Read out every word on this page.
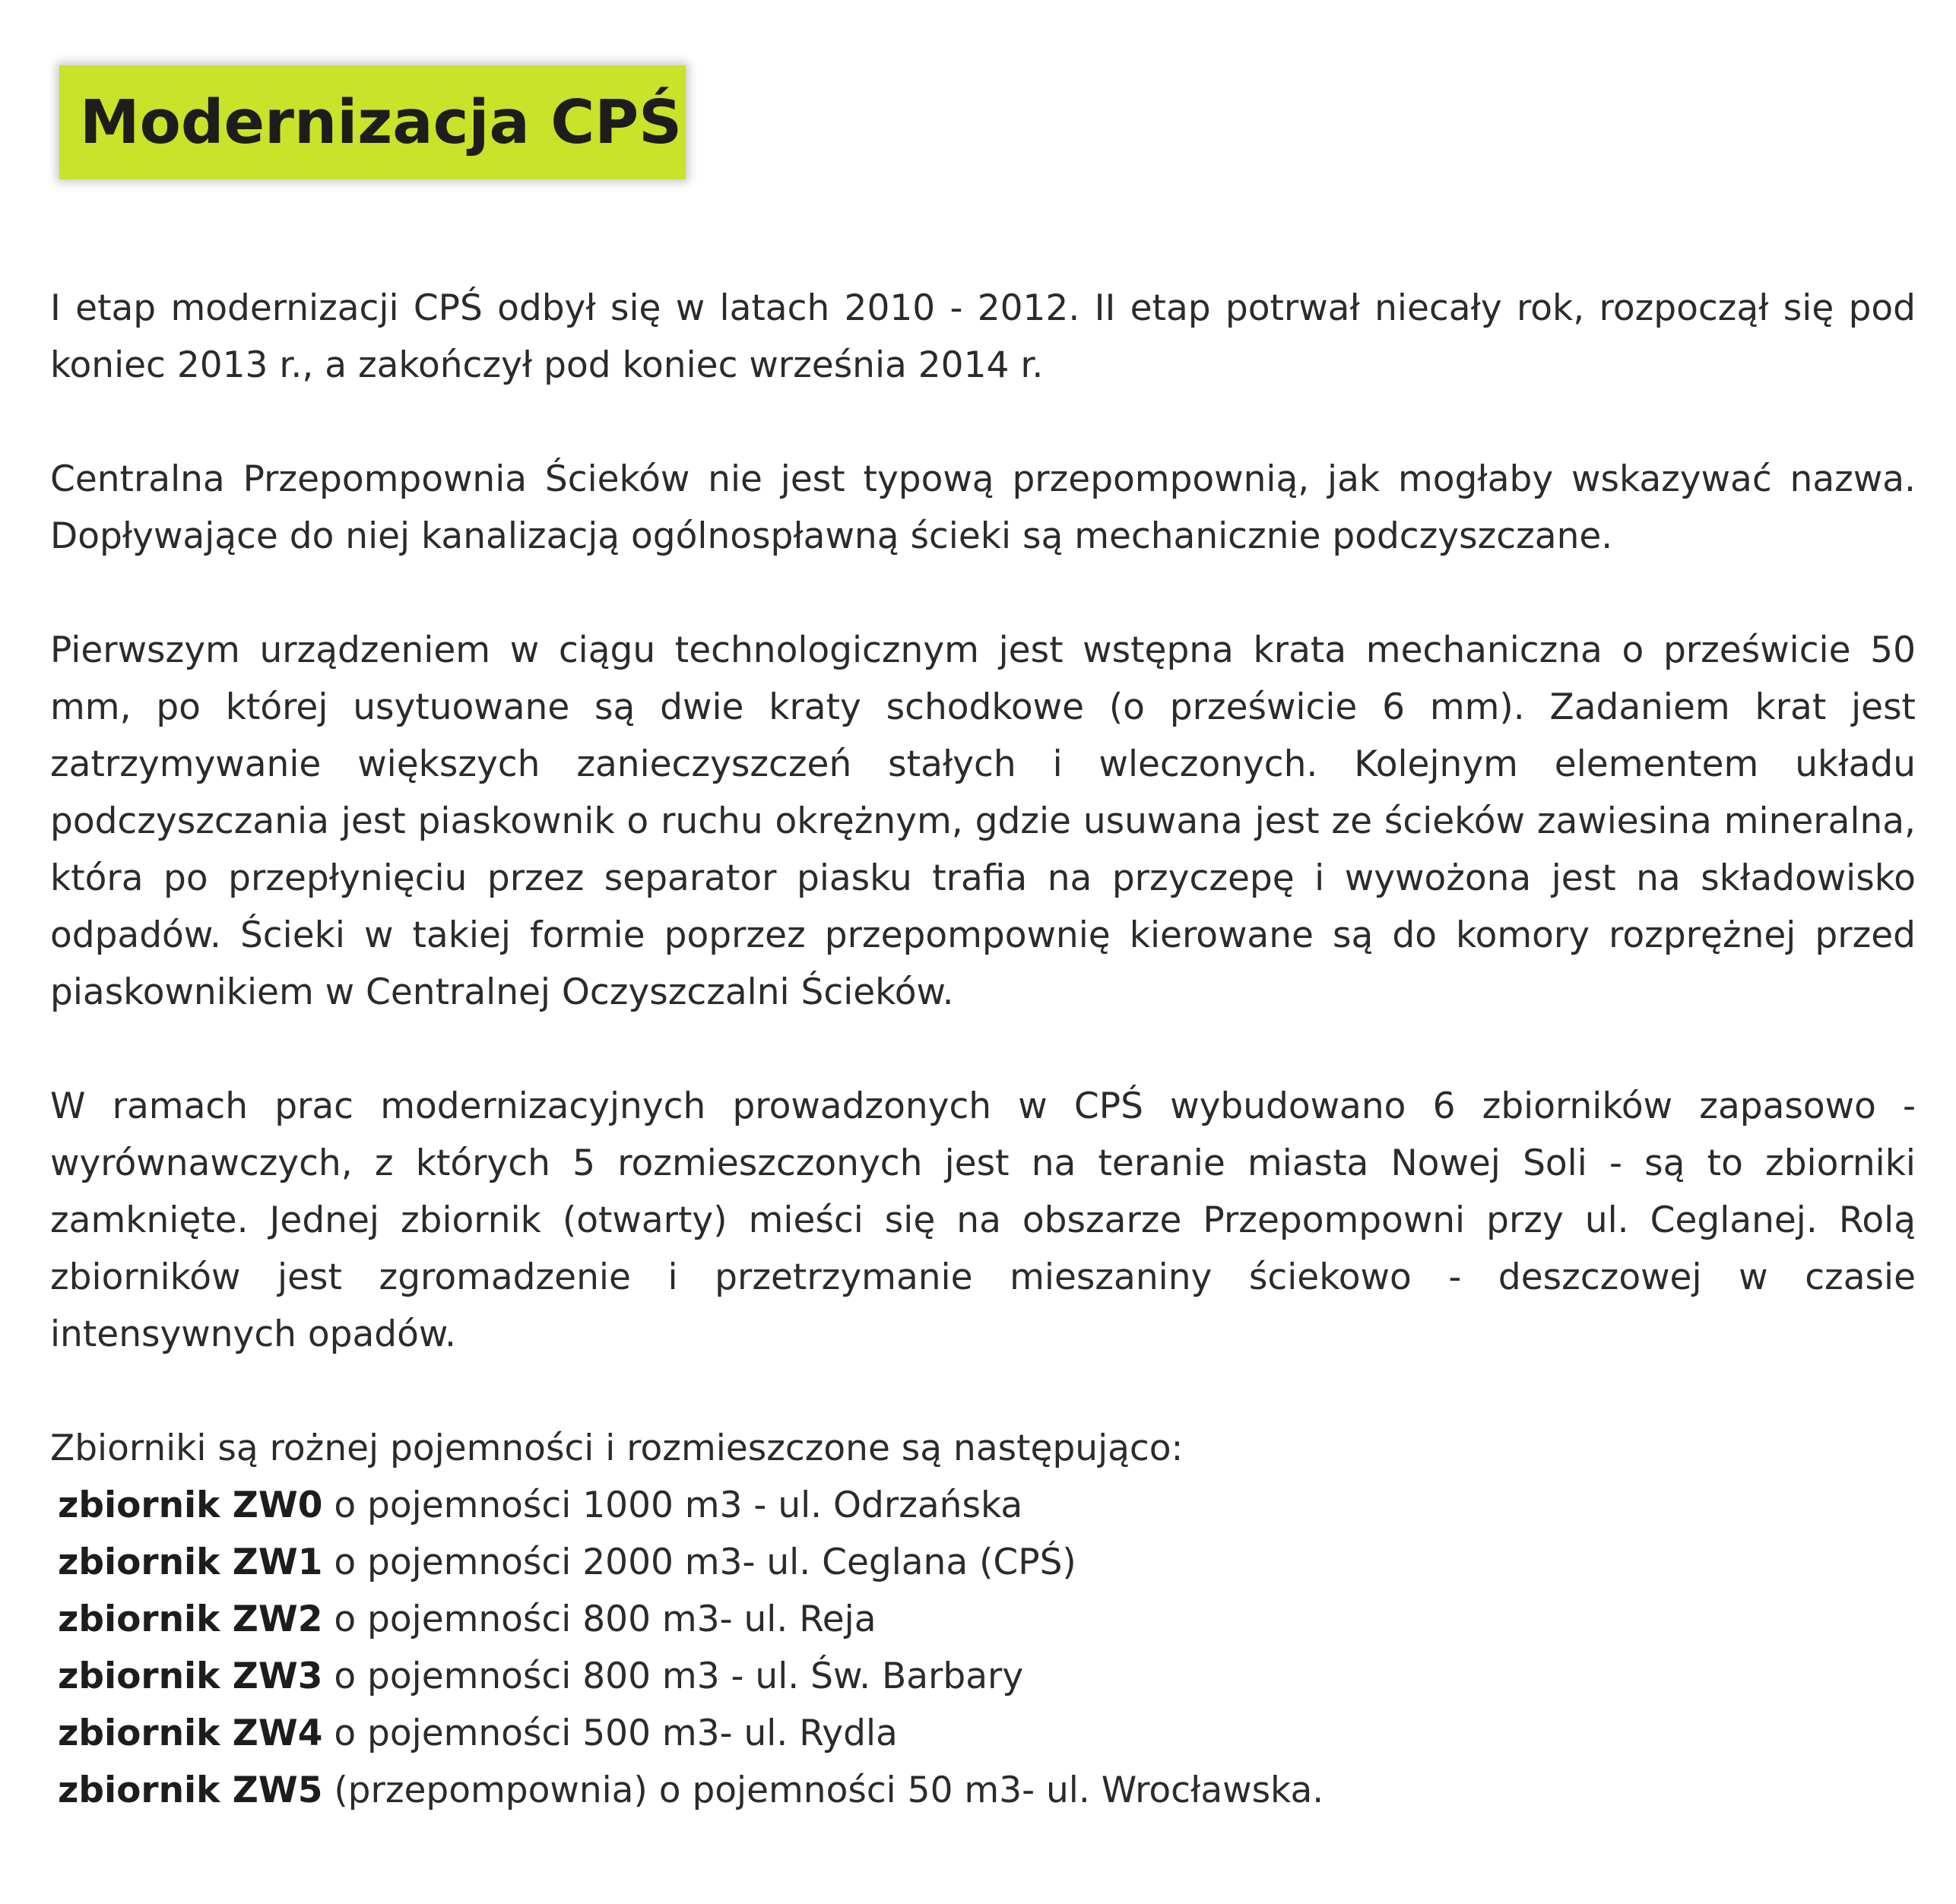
Modernizacja CPŚ

I etap modernizacji CPŚ odbył się w latach 2010 - 2012. II etap potrwał niecały rok, rozpoczął się pod koniec 2013 r., a zakończył pod koniec września 2014 r.

Centralna Przepompownia Ścieków nie jest typową przepompownią, jak mogłaby wskazywać nazwa. Dopływające do niej kanalizacją ogólnospławną ścieki są mechanicznie podczyszczane.

Pierwszym urządzeniem w ciągu technologicznym jest wstępna krata mechaniczna o prześwicie 50 mm, po której usytuowane są dwie kraty schodkowe (o prześwicie 6 mm). Zadaniem krat jest zatrzymywanie większych zanieczyszczeń stałych i wleczonych. Kolejnym elementem układu podczyszczania jest piaskownik o ruchu okrężnym, gdzie usuwana jest ze ścieków zawiesina mineralna, która po przepłynięciu przez separator piasku trafia na przyczepę i wywożona jest na składowisko odpadów. Ścieki w takiej formie poprzez przepompownię kierowane są do komory rozprężnej przed piaskownikiem w Centralnej Oczyszczalni Ścieków.

W ramach prac modernizacyjnych prowadzonych w CPŚ wybudowano 6 zbiorników zapasowo - wyrównawczych, z których 5 rozmieszczonych jest na teranie miasta Nowej Soli - są to zbiorniki zamknięte. Jednej zbiornik (otwarty) mieści się na obszarze Przepompowni przy ul. Ceglanej. Rolą zbiorników jest zgromadzenie i przetrzymanie mieszaniny ściekowo - deszczowej w czasie intensywnych opadów.

Zbiorniki są rożnej pojemności i rozmieszczone są następująco:

zbiornik ZW0 o pojemności 1000 m3 - ul. Odrzańska

zbiornik ZW1 o pojemności 2000 m3- ul. Ceglana (CPŚ)

zbiornik ZW2 o pojemności 800 m3- ul. Reja

zbiornik ZW3 o pojemności 800 m3 - ul. Św. Barbary

zbiornik ZW4 o pojemności 500 m3- ul. Rydla

zbiornik ZW5 (przepompownia) o pojemności 50 m3- ul. Wrocławska.
